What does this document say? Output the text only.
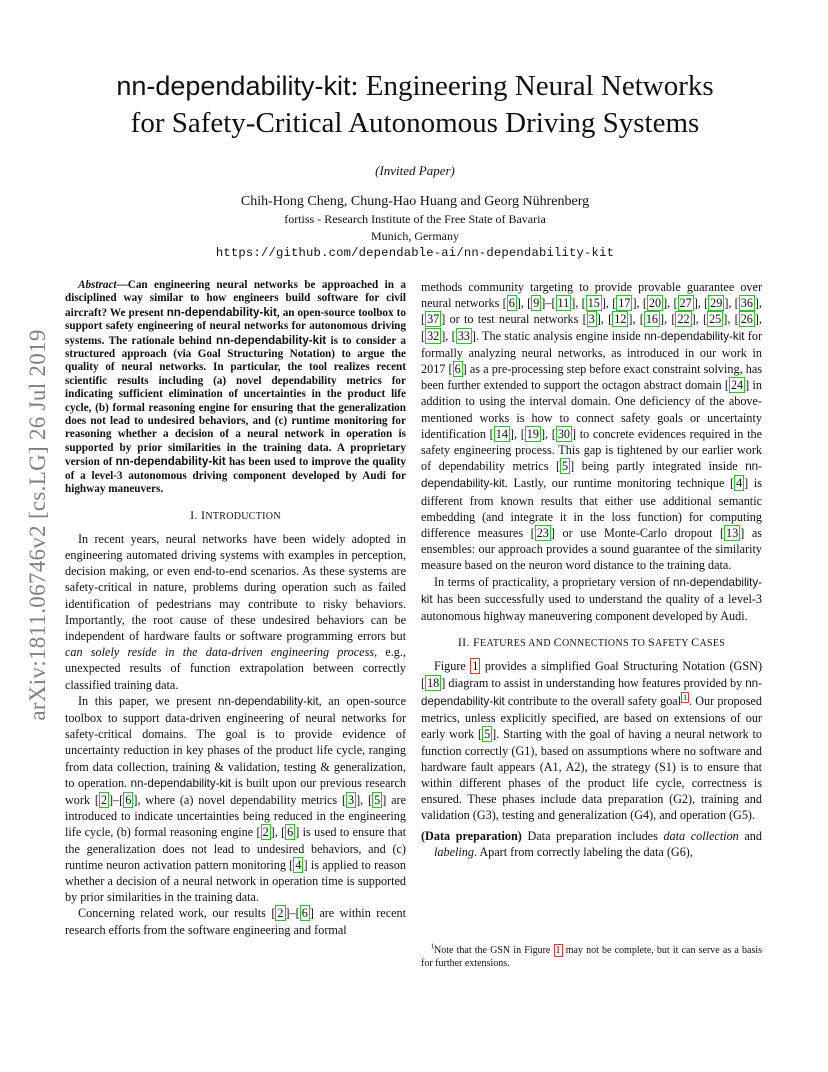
arXiv:1811.06746v2 [cs.LG] 26 Jul 2019
nn-dependability-kit: Engineering Neural Networks
for Safety-Critical Autonomous Driving Systems
(Invited Paper)
Chih-Hong Cheng, Chung-Hao Huang and Georg Nührenberg
fortiss - Research Institute of the Free State of Bavaria
Munich, Germany
https://github.com/dependable-ai/nn-dependability-kit

Abstract—Can engineering neural networks be approached in a disciplined way similar to how engineers build software for civil aircraft? We present nn-dependability-kit, an open-source toolbox to support safety engineering of neural networks for autonomous driving systems. The rationale behind nn-dependability-kit is to consider a structured approach (via Goal Structuring Notation) to argue the quality of neural networks. In particular, the tool realizes recent scientific results including (a) novel dependability metrics for indicating sufficient elimination of uncertainties in the product life cycle, (b) formal reasoning engine for ensuring that the generalization does not lead to undesired behaviors, and (c) runtime monitoring for reasoning whether a decision of a neural network in operation is supported by prior similarities in the training data. A proprietary version of nn-dependability-kit has been used to improve the quality of a level-3 autonomous driving component developed by Audi for highway maneuvers.

I. INTRODUCTION

In recent years, neural networks have been widely adopted in engineering automated driving systems with examples in perception, decision making, or even end-to-end scenarios. As these systems are safety-critical in nature, problems during operation such as failed identification of pedestrians may contribute to risky behaviors. Importantly, the root cause of these undesired behaviors can be independent of hardware faults or software programming errors but can solely reside in the data-driven engineering process, e.g., unexpected results of function extrapolation between correctly classified training data.

In this paper, we present nn-dependability-kit, an open-source toolbox to support data-driven engineering of neural networks for safety-critical domains. The goal is to provide evidence of uncertainty reduction in key phases of the product life cycle, ranging from data collection, training & validation, testing & generalization, to operation. nn-dependability-kit is built upon our previous research work [ 2 ]–[ 6 ], where (a) novel dependability metrics [ 3 ], [ 5 ] are introduced to indicate uncertainties being reduced in the engineering life cycle, (b) formal reasoning engine [ 2 ], [ 6 ] is used to ensure that the generalization does not lead to undesired behaviors, and (c) runtime neuron activation pattern monitoring [ 4 ] is applied to reason whether a decision of a neural network in operation time is supported by prior similarities in the training data.

Concerning related work, our results [ 2 ]–[ 6 ] are within recent research efforts from the software engineering and formal

methods community targeting to provide provable guarantee over neural networks [ 6 ], [ 9 ]–[ 11 ], [ 15 ], [ 17 ], [ 20 ], [ 27 ], [ 29 ], [ 36 ], [ 37 ] or to test neural networks [ 3 ], [ 12 ], [ 16 ], [ 22 ], [ 25 ], [ 26 ], [ 32 ], [ 33 ]. The static analysis engine inside nn-dependability-kit for formally analyzing neural networks, as introduced in our work in 2017 [ 6 ] as a pre-processing step before exact constraint solving, has been further extended to support the octagon abstract domain [ 24 ] in addition to using the interval domain. One deficiency of the above-mentioned works is how to connect safety goals or uncertainty identification [ 14 ], [ 19 ], [ 30 ] to concrete evidences required in the safety engineering process. This gap is tightened by our earlier work of dependability metrics [ 5 ] being partly integrated inside nn-dependability-kit. Lastly, our runtime monitoring technique [ 4 ] is different from known results that either use additional semantic embedding (and integrate it in the loss function) for computing difference measures [ 23 ] or use Monte-Carlo dropout [ 13 ] as ensembles: our approach provides a sound guarantee of the similarity measure based on the neuron word distance to the training data.

In terms of practicality, a proprietary version of nn-dependability-kit has been successfully used to understand the quality of a level-3 autonomous highway maneuvering component developed by Audi.

II. FEATURES AND CONNECTIONS TO SAFETY CASES

Figure 1 provides a simplified Goal Structuring Notation (GSN) [ 18 ] diagram to assist in understanding how features provided by nn-dependability-kit contribute to the overall safety goal $^1$ . Our proposed metrics, unless explicitly specified, are based on extensions of our early work [ 5 ]. Starting with the goal of having a neural network to function correctly (G1), based on assumptions where no software and hardware fault appears (A1, A2), the strategy (S1) is to ensure that within different phases of the product life cycle, correctness is ensured. These phases include data preparation (G2), training and validation (G3), testing and generalization (G4), and operation (G5).

(Data preparation) Data preparation includes data collection and labeling. Apart from correctly labeling the data (G6),

$^1$Note that the GSN in Figure 1 may not be complete, but it can serve as a basis for further extensions.
